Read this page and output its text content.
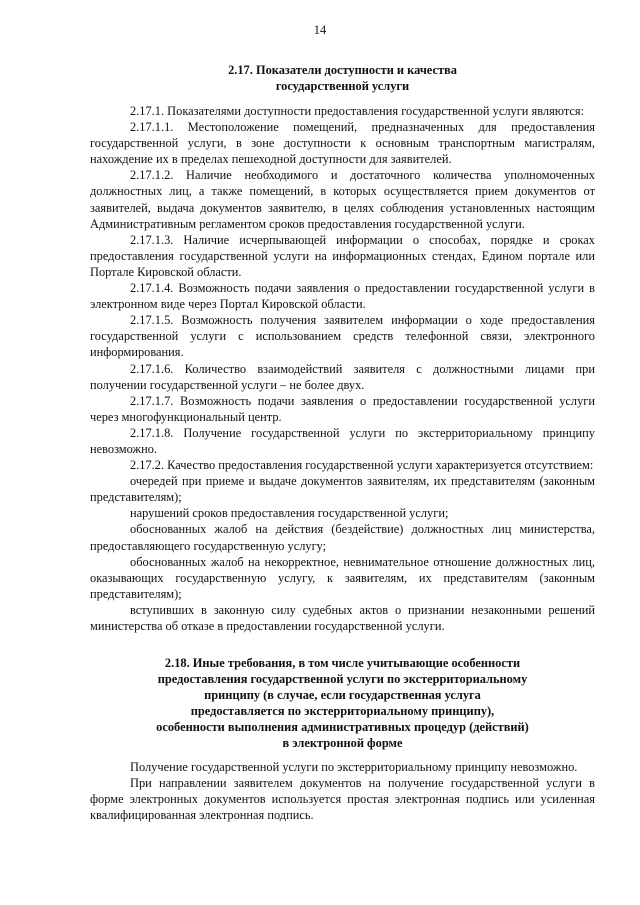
14
2.17. Показатели доступности и качества
государственной услуги

2.17.1. Показателями доступности предоставления государственной услуги являются:

2.17.1.1. Местоположение помещений, предназначенных для предоставления государственной услуги, в зоне доступности к основным транспортным магистралям, нахождение их в пределах пешеходной доступности для заявителей.

2.17.1.2. Наличие необходимого и достаточного количества уполномоченных должностных лиц, а также помещений, в которых осуществляется прием документов от заявителей, выдача документов заявителю, в целях соблюдения установленных настоящим Административным регламентом сроков предоставления государственной услуги.

2.17.1.3. Наличие исчерпывающей информации о способах, порядке и сроках предоставления государственной услуги на информационных стендах, Едином портале или Портале Кировской области.

2.17.1.4. Возможность подачи заявления о предоставлении государственной услуги в электронном виде через Портал Кировской области.

2.17.1.5. Возможность получения заявителем информации о ходе предоставления государственной услуги с использованием средств телефонной связи, электронного информирования.

2.17.1.6. Количество взаимодействий заявителя с должностными лицами при получении государственной услуги – не более двух.

2.17.1.7. Возможность подачи заявления о предоставлении государственной услуги через многофункциональный центр.

2.17.1.8. Получение государственной услуги по экстерриториальному принципу невозможно.

2.17.2. Качество предоставления государственной услуги характеризуется отсутствием:

очередей при приеме и выдаче документов заявителям, их представителям (законным представителям);

нарушений сроков предоставления государственной услуги;

обоснованных жалоб на действия (бездействие) должностных лиц министерства, предоставляющего государственную услугу;

обоснованных жалоб на некорректное, невнимательное отношение должностных лиц, оказывающих государственную услугу, к заявителям, их представителям (законным представителям);

вступивших в законную силу судебных актов о признании незаконными решений министерства об отказе в предоставлении государственной услуги.

2.18. Иные требования, в том числе учитывающие особенности
предоставления государственной услуги по экстерриториальному
принципу (в случае, если государственная услуга
предоставляется по экстерриториальному принципу),
особенности выполнения административных процедур (действий)
в электронной форме

Получение государственной услуги по экстерриториальному принципу невозможно.

При направлении заявителем документов на получение государственной услуги в форме электронных документов используется простая электронная подпись или усиленная квалифицированная электронная подпись.
